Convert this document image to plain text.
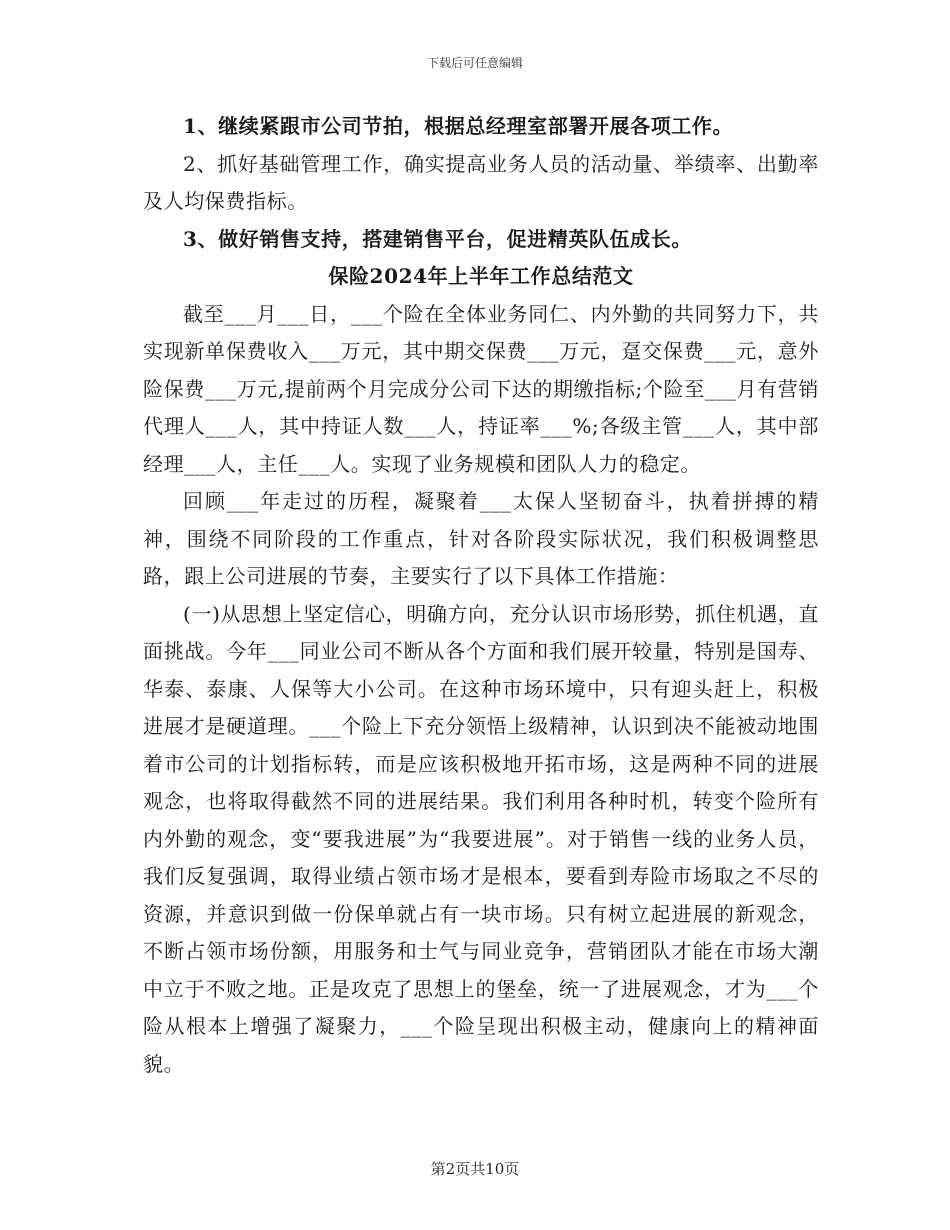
下载后可任意编辑

1、继续紧跟市公司节拍，根据总经理室部署开展各项工作。

2、抓好基础管理工作，确实提高业务人员的活动量、举绩率、出勤率及人均保费指标。

3、做好销售支持，搭建销售平台，促进精英队伍成长。

保险2024年上半年工作总结范文

截至___月___日，___个险在全体业务同仁、内外勤的共同努力下，共实现新单保费收入___万元，其中期交保费___万元，趸交保费___元，意外险保费___万元,提前两个月完成分公司下达的期缴指标;个险至___月有营销代理人___人，其中持证人数___人，持证率___%;各级主管___人，其中部经理___人，主任___人。实现了业务规模和团队人力的稳定。

回顾___年走过的历程，凝聚着___太保人坚韧奋斗，执着拼搏的精神，围绕不同阶段的工作重点，针对各阶段实际状况，我们积极调整思路，跟上公司进展的节奏，主要实行了以下具体工作措施：

(一)从思想上坚定信心，明确方向，充分认识市场形势，抓住机遇，直面挑战。今年___同业公司不断从各个方面和我们展开较量，特别是国寿、华泰、泰康、人保等大小公司。在这种市场环境中，只有迎头赶上，积极进展才是硬道理。___个险上下充分领悟上级精神，认识到决不能被动地围着市公司的计划指标转，而是应该积极地开拓市场，这是两种不同的进展观念，也将取得截然不同的进展结果。我们利用各种时机，转变个险所有内外勤的观念，变“要我进展”为“我要进展”。对于销售一线的业务人员，我们反复强调，取得业绩占领市场才是根本，要看到寿险市场取之不尽的资源，并意识到做一份保单就占有一块市场。只有树立起进展的新观念，不断占领市场份额，用服务和士气与同业竞争，营销团队才能在市场大潮中立于不败之地。正是攻克了思想上的堡垒，统一了进展观念，才为___个险从根本上增强了凝聚力，___个险呈现出积极主动，健康向上的精神面貌。

第2页共10页
